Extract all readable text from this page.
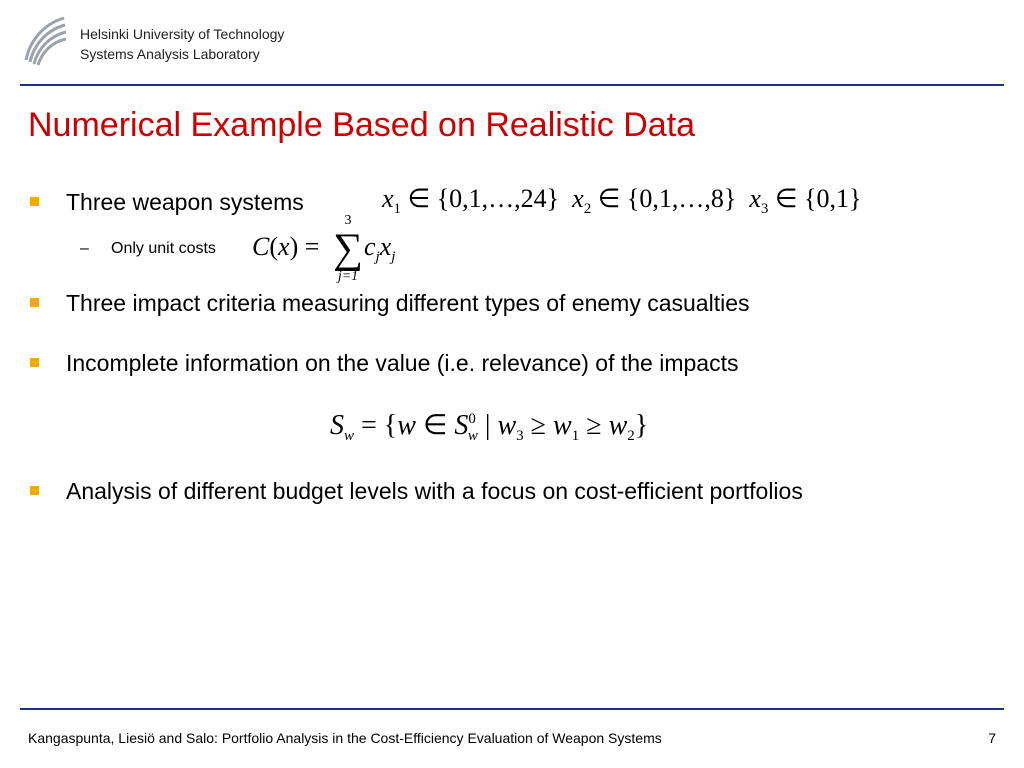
Helsinki University of Technology
Systems Analysis Laboratory
Numerical Example Based on Realistic Data
Three weapon systems	$x_1$ ∈ {0,1,…,24} $x_2$ ∈ {0,1,…,8} $x_3$ ∈ {0,1}
– Only unit costs C(x) =
3
∑
j=1
$c_jx_j$
Three impact criteria measuring different types of enemy casualties
Incomplete information on the value (i.e. relevance) of the impacts
$S_w = \{w$ ∈ $S^0_w$ | $w_3 \ge w_1 \ge w_2$}
Analysis of different budget levels with a focus on cost-efficient portfolios
Kangaspunta, Liesiö and Salo: Portfolio Analysis in the Cost-Efficiency Evaluation of Weapon Systems	7
